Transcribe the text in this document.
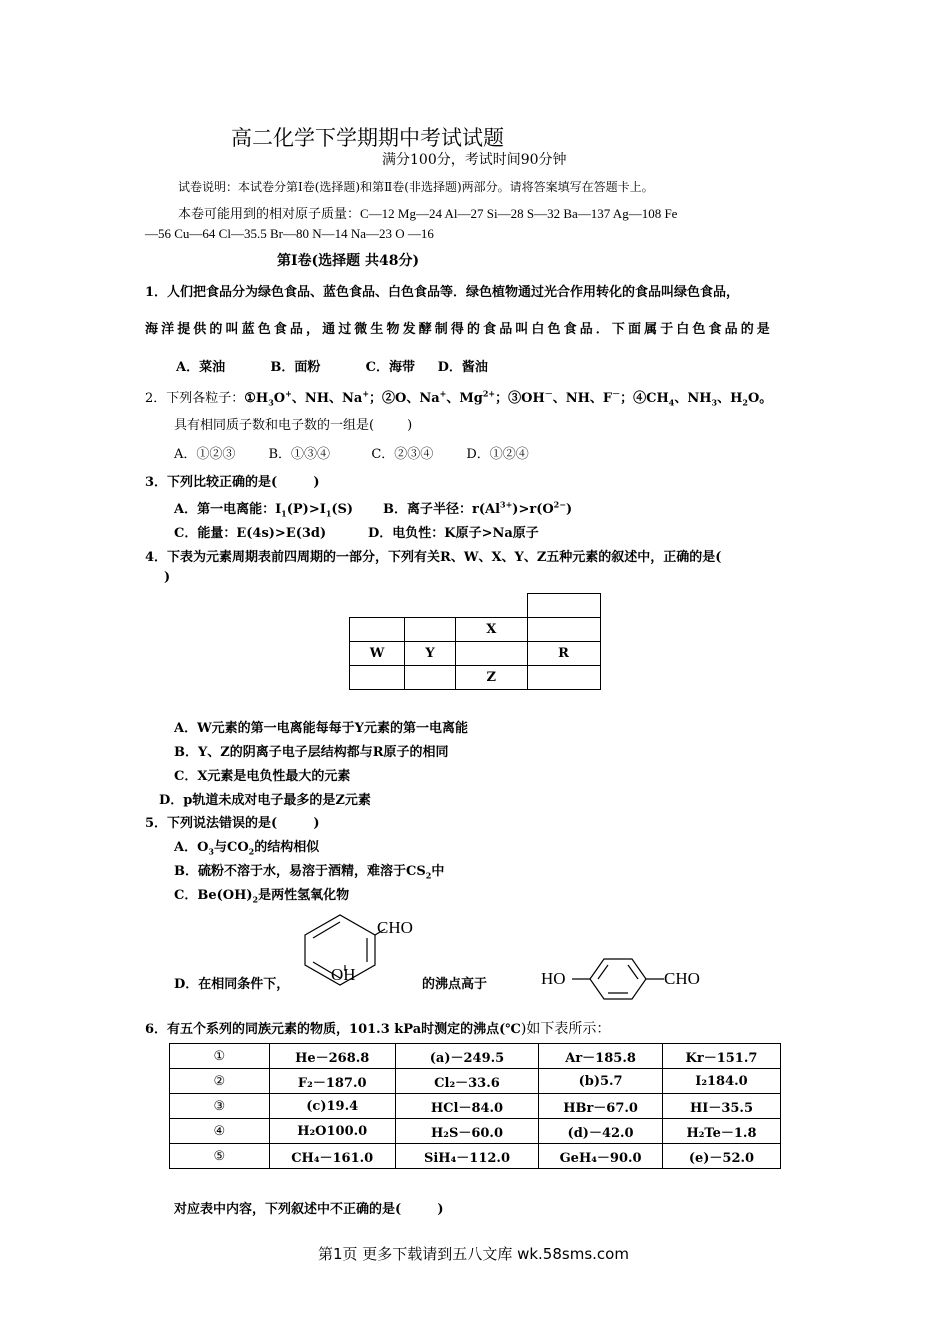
高二化学下学期期中考试试题
满分100分，考试时间90分钟
试卷说明：本试卷分第Ⅰ卷(选择题)和第Ⅱ卷(非选择题)两部分。请将答案填写在答题卡上。
本卷可能用到的相对原子质量：C—12 Mg—24 Al—27 Si—28 S—32 Ba—137 Ag—108 Fe
—56 Cu—64 Cl—35.5 Br—80 N—14 Na—23 O —16
第Ⅰ卷(选择题 共48分)
1．人们把食品分为绿色食品、蓝色食品、白色食品等．绿色植物通过光合作用转化的食品叫绿色食品，
海洋提供的叫蓝色食品，通过微生物发酵制得的食品叫白色食品．下面属于白色食品的是
A．菜油          B．面粉          C．海带     D．酱油
2．下列各粒子：$①H_3O^+$、NH、Na+；②O、Na+、$Mg^{2+}$；③OH－、NH、F－；$④CH_4$、$NH_3$、$H_2O$。
具有相同质子数和电子数的一组是(        )
A．①②③        B．①③④          C．②③④        D．①②④
3．下列比较正确的是(        )
A．第一电离能：$I_1(P)>I_1(S)$ B．离子半径：$r(Al^{3+})>r(O^{2-})$
C．能量：E(4s)>E(3d)	D．电负性：K原子>Na原子
4．下表为元素周期表前四周期的一部分，下列有关R、W、X、Y、Z五种元素的叙述中，正确的是(
)

		X	
W	Y		R
		Z	
A．W元素的第一电离能每每于Y元素的第一电离能
B．Y、Z的阴离子电子层结构都与R原子的相同
C．X元素是电负性最大的元素
D．p轨道未成对电子最多的是Z元素
5．下列说法错误的是(        )
A．$O_3$与$CO_2$的结构相似
B．硫粉不溶于水，易溶于酒精，难溶于$CS_2$中
C．$Be(OH)_2$是两性氢氧化物
CHO
OH
D．在相同条件下，	的沸点高于	HO	CHO
6．有五个系列的同族元素的物质，101.3 kPa时测定的沸点(℃)如下表所示：
①	He－268.8	(a)－249.5	Ar－185.8	Kr－151.7
②	F₂－187.0	Cl₂－33.6	(b)5.7	I₂184.0
③	(c)19.4	HCl－84.0	HBr－67.0	HI－35.5
④	H₂O100.0	H₂S－60.0	(d)－42.0	H₂Te－1.8
⑤	CH₄－161.0	SiH₄－112.0	GeH₄－90.0	(e)－52.0
对应表中内容，下列叙述中不正确的是(        )
第1页 更多下载请到五八文库 wk.58sms.com
